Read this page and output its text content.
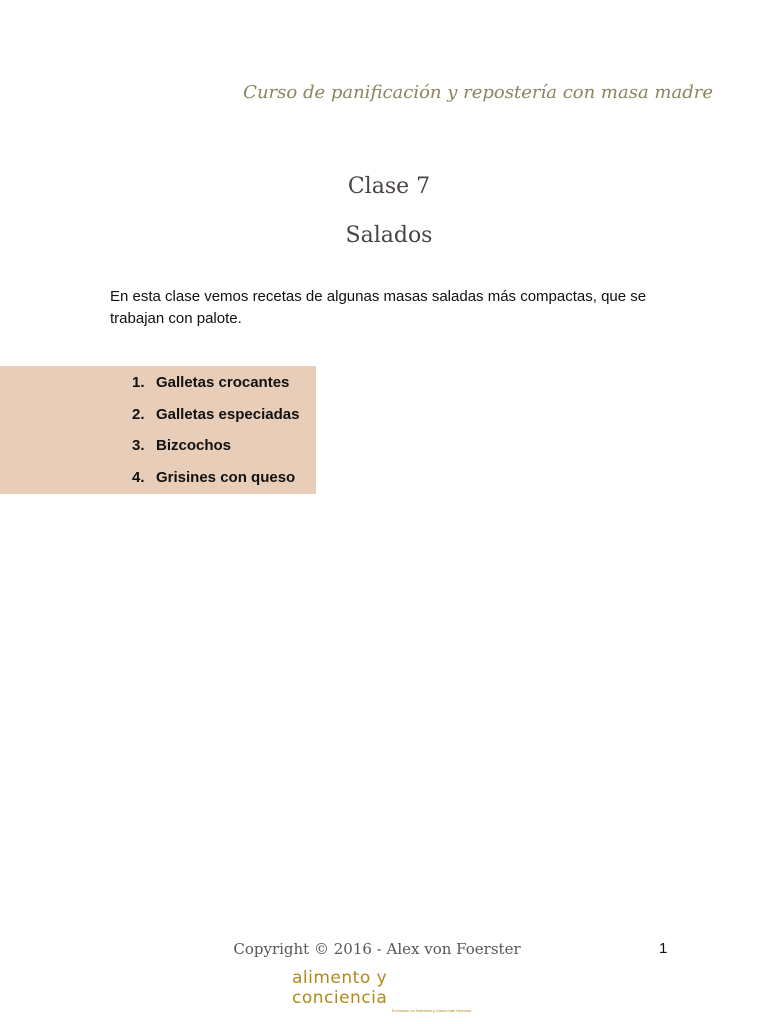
Curso de panificación y repostería con masa madre
Clase 7
Salados

En esta clase vemos recetas de algunas masas saladas más compactas, que se trabajan con palote.

1. Galletas crocantes
2. Galletas especiadas
3. Bizcochos
4. Grisines con queso
Copyright © 2016 - Alex von Foerster	1
alimento y conciencia
Evolución en Nutrición y Salud más Humana
